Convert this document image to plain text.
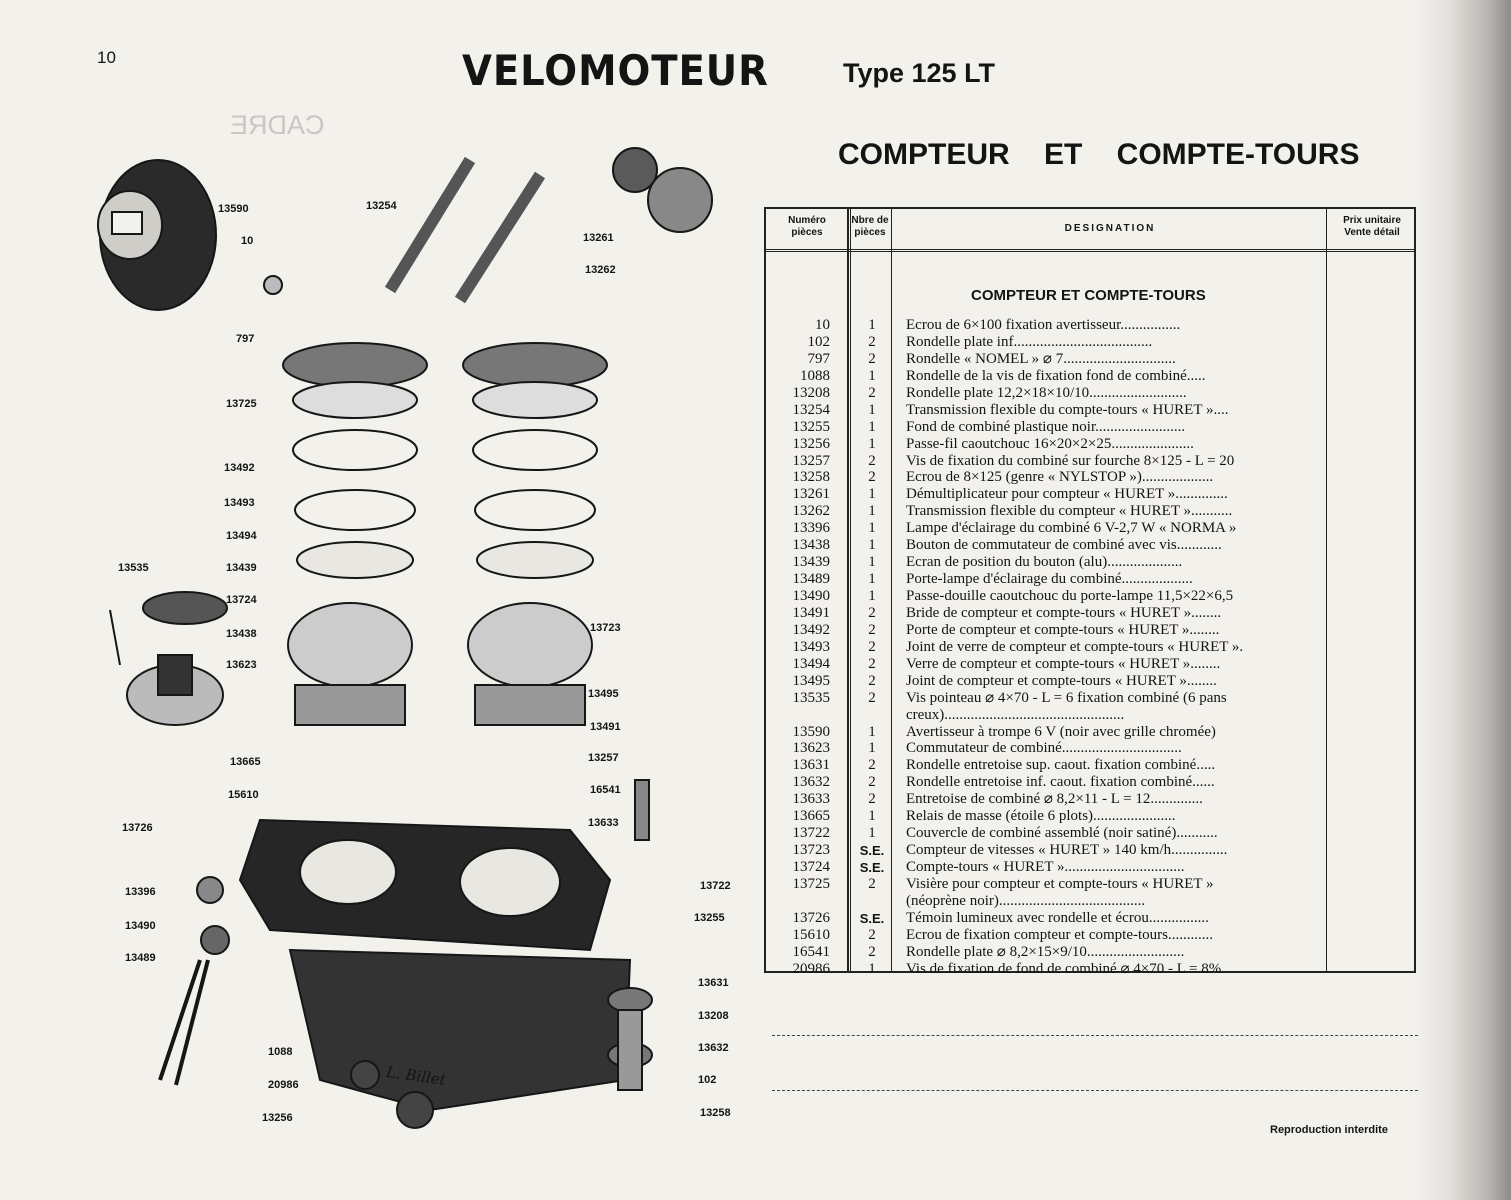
10	VELOMOTEUR	Type 125 LT
COMPTEUR ET COMPTE-TOURS
CADRE
Numéro pièces
Nbre de pièces	DESIGNATION
Prix unitaire Vente détail
COMPTEUR ET COMPTE-TOURS
10	1	Ecrou de 6×100 fixation avertisseur................
102	2	Rondelle plate inf.....................................
797	2	Rondelle « NOMEL » ⌀ 7..............................
1088	1	Rondelle de la vis de fixation fond de combiné.....
13208	2	Rondelle plate 12,2×18×10/10..........................
13254	1	Transmission flexible du compte-tours « HURET »....
13255	1	Fond de combiné plastique noir........................
13256	1	Passe-fil caoutchouc 16×20×2×25......................
13257	2	Vis de fixation du combiné sur fourche 8×125 - L = 20
13258	2	Ecrou de 8×125 (genre « NYLSTOP »)...................
13261	1	Démultiplicateur pour compteur « HURET »..............
13262	1	Transmission flexible du compteur « HURET »...........
13396	1	Lampe d'éclairage du combiné 6 V-2,7 W « NORMA »
13438	1	Bouton de commutateur de combiné avec vis............
13439	1	Ecran de position du bouton (alu)....................
13489	1	Porte-lampe d'éclairage du combiné...................
13490	1	Passe-douille caoutchouc du porte-lampe 11,5×22×6,5
13491	2	Bride de compteur et compte-tours « HURET »........
13492	2	Porte de compteur et compte-tours « HURET »........
13493	2	Joint de verre de compteur et compte-tours « HURET ».
13494	2	Verre de compteur et compte-tours « HURET »........
13495	2	Joint de compteur et compte-tours « HURET »........
13535	2	Vis pointeau ⌀ 4×70 - L = 6 fixation combiné (6 pans
creux)................................................
13590	1	Avertisseur à trompe 6 V (noir avec grille chromée)
13623	1	Commutateur de combiné................................
13631	2	Rondelle entretoise sup. caout. fixation combiné.....
13632	2	Rondelle entretoise inf. caout. fixation combiné......
13633	2	Entretoise de combiné ⌀ 8,2×11 - L = 12..............
13665	1	Relais de masse (étoile 6 plots)......................
13722	1	Couvercle de combiné assemblé (noir satiné)...........
13723	S.E.	Compteur de vitesses « HURET » 140 km/h...............
13724	S.E.	Compte-tours « HURET »................................
13725	2	Visière pour compteur et compte-tours « HURET »
(néoprène noir).......................................
13726	S.E.	Témoin lumineux avec rondelle et écrou................
15610	2	Ecrou de fixation compteur et compte-tours............
16541	2	Rondelle plate ⌀ 8,2×15×9/10..........................
20986	1	Vis de fixation de fond de combiné ⌀ 4×70 - L = 8%
Reproduction interdite
L. Billet
13590
10
797
13254
13261
13262
13725
13492
13493
13494
13535	13439
13724
13438
13623
13723
13495
13491
13665
15610
13257
16541
13633
13726
13396
13490
13489
13722
13255
13631
13208
13632
102
13258
1088
20986
13256
